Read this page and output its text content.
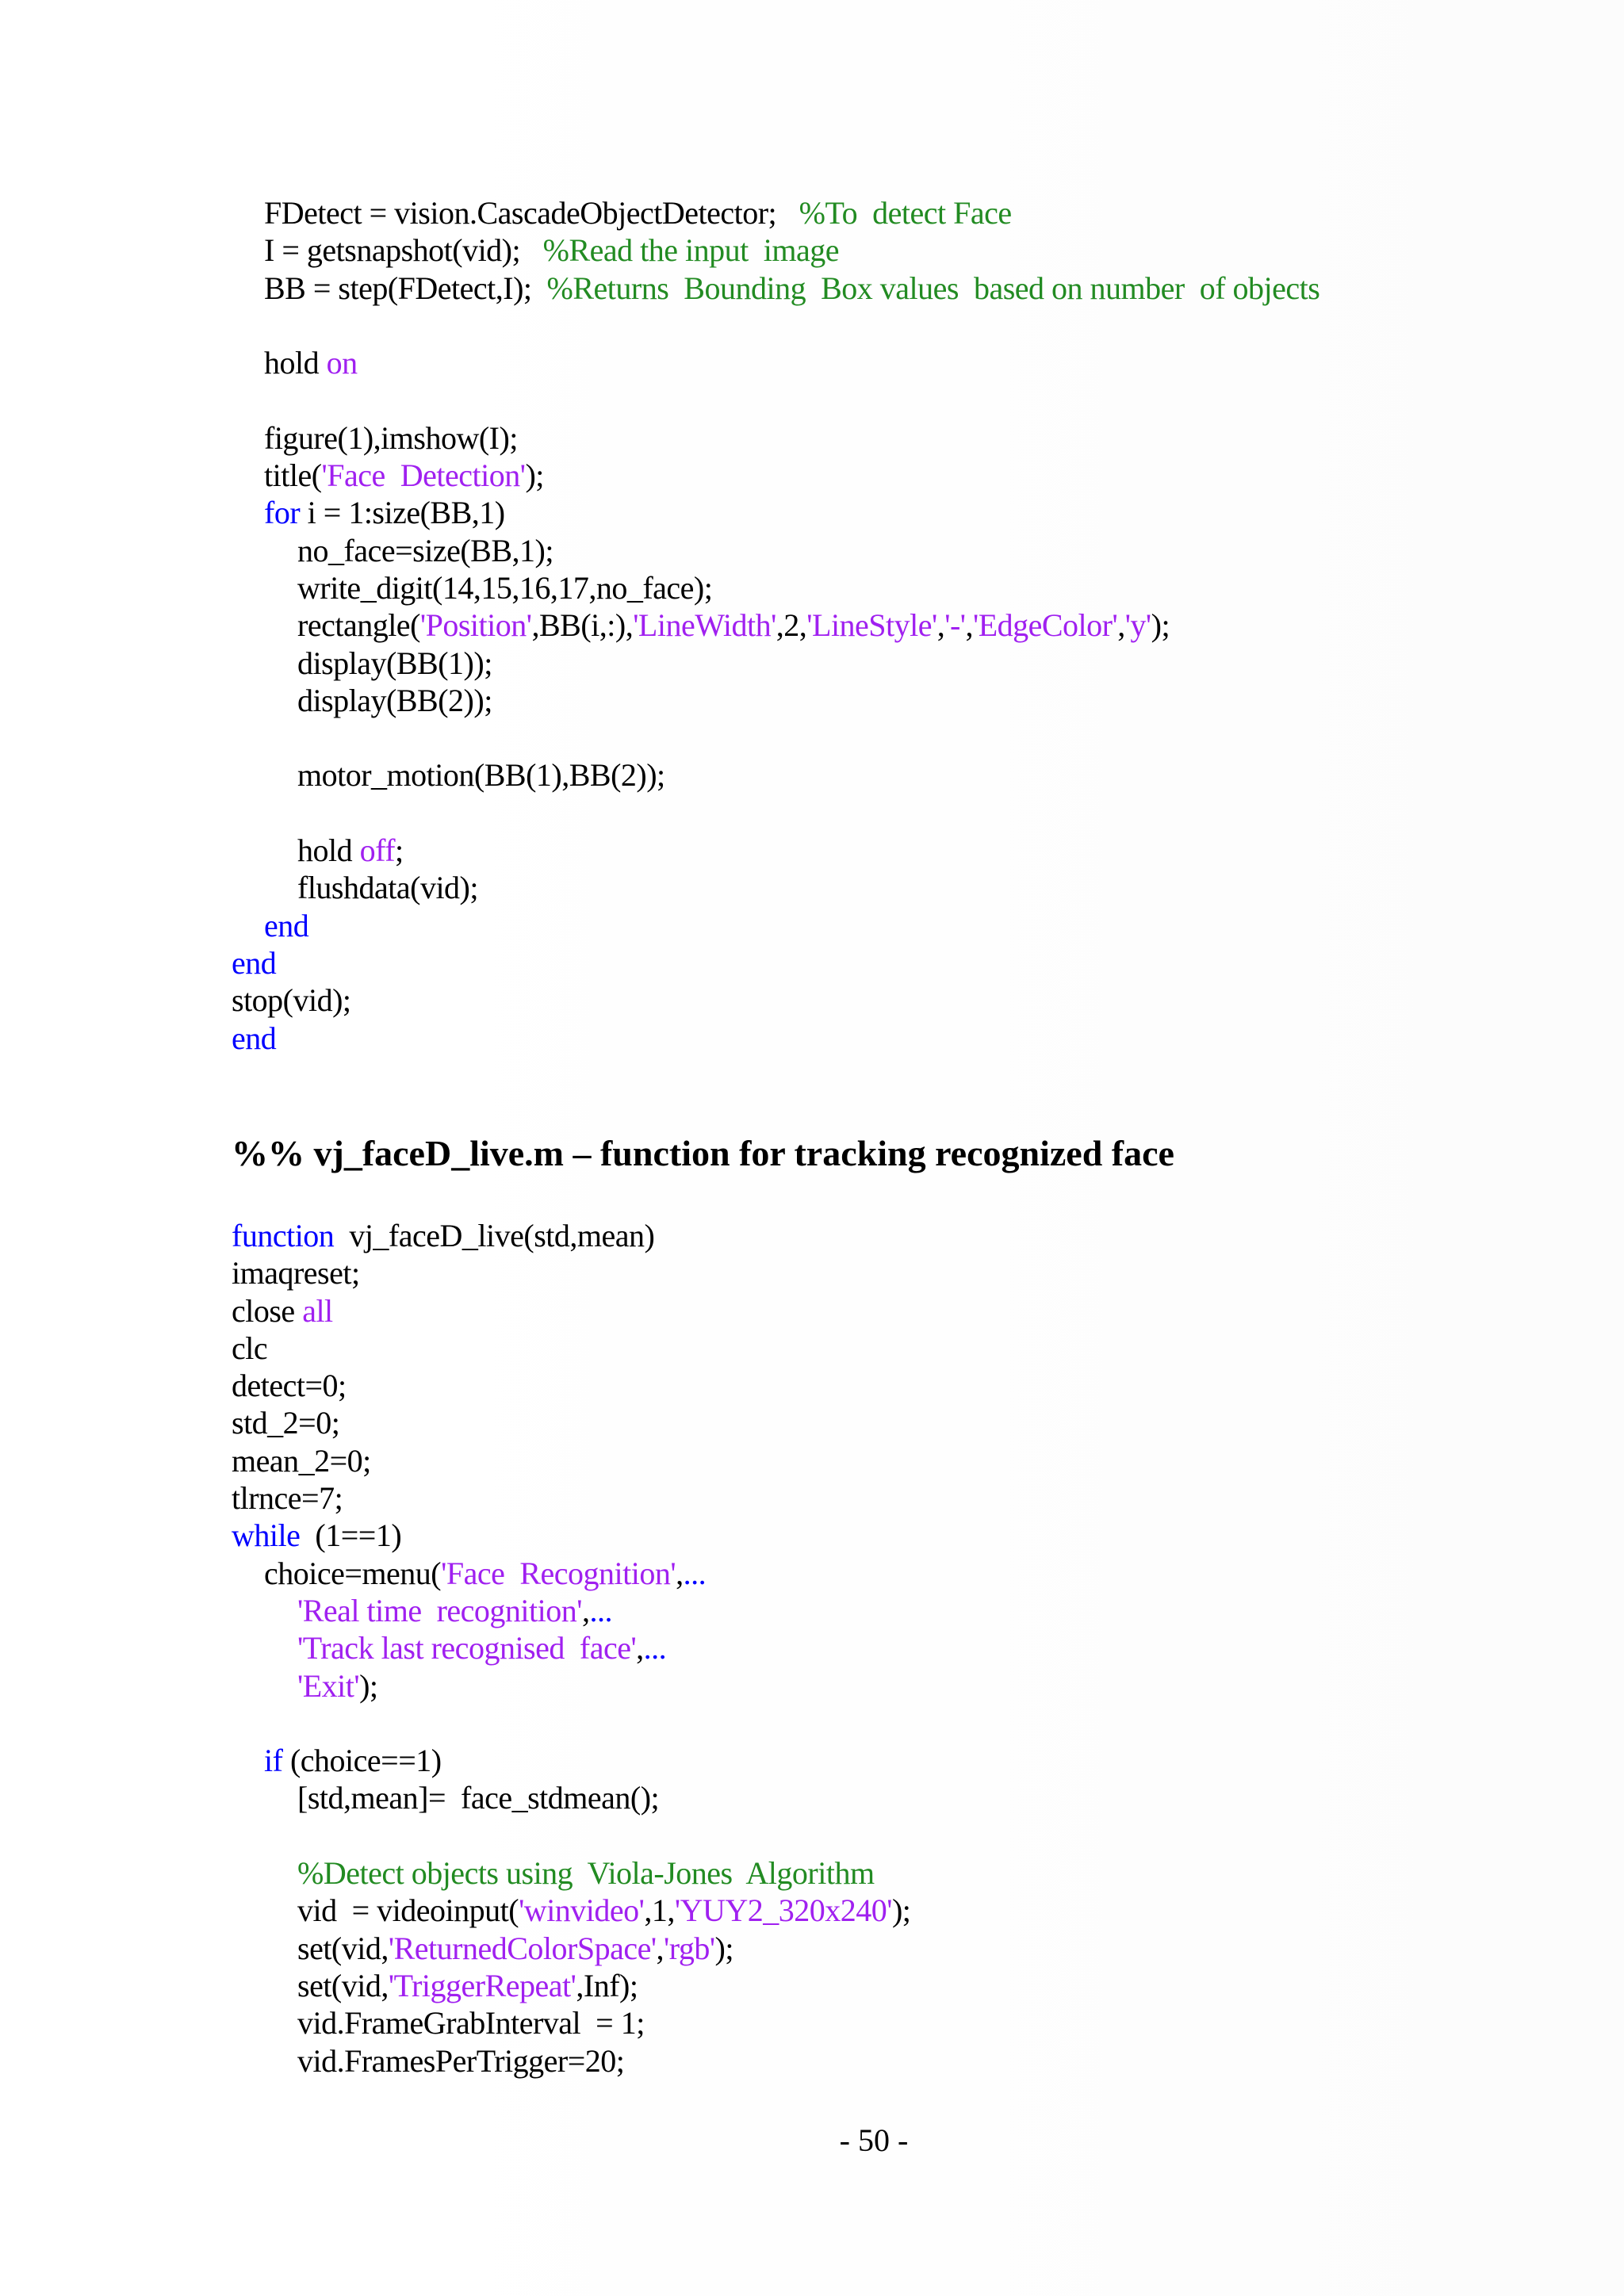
FDetect = vision.CascadeObjectDetector;   %To  detect Face
I = getsnapshot(vid);   %Read the input  image
BB = step(FDetect,I);  %Returns  Bounding  Box values  based on number  of objects
hold on
figure(1),imshow(I);
title('Face  Detection');
for i = 1:size(BB,1)
no_face=size(BB,1);
write_digit(14,15,16,17,no_face);
rectangle('Position',BB(i,:),'LineWidth',2,'LineStyle','-','EdgeColor','y');
display(BB(1));
display(BB(2));
motor_motion(BB(1),BB(2));
hold off;
flushdata(vid);
end
end
stop(vid);
end
%% vj_faceD_live.m – function for tracking recognized face
function  vj_faceD_live(std,mean)
imaqreset;
close all
clc
detect=0;
std_2=0;
mean_2=0;
tlrnce=7;
while  (1==1)
choice=menu('Face  Recognition',...
'Real time  recognition',...
'Track last recognised  face',...
'Exit');
if (choice==1)
[std,mean]=  face_stdmean();
%Detect objects using  Viola-Jones  Algorithm
vid  = videoinput('winvideo',1,'YUY2_320x240');
set(vid,'ReturnedColorSpace','rgb');
set(vid,'TriggerRepeat',Inf);
vid.FrameGrabInterval  = 1;
vid.FramesPerTrigger=20;
- 50 -
